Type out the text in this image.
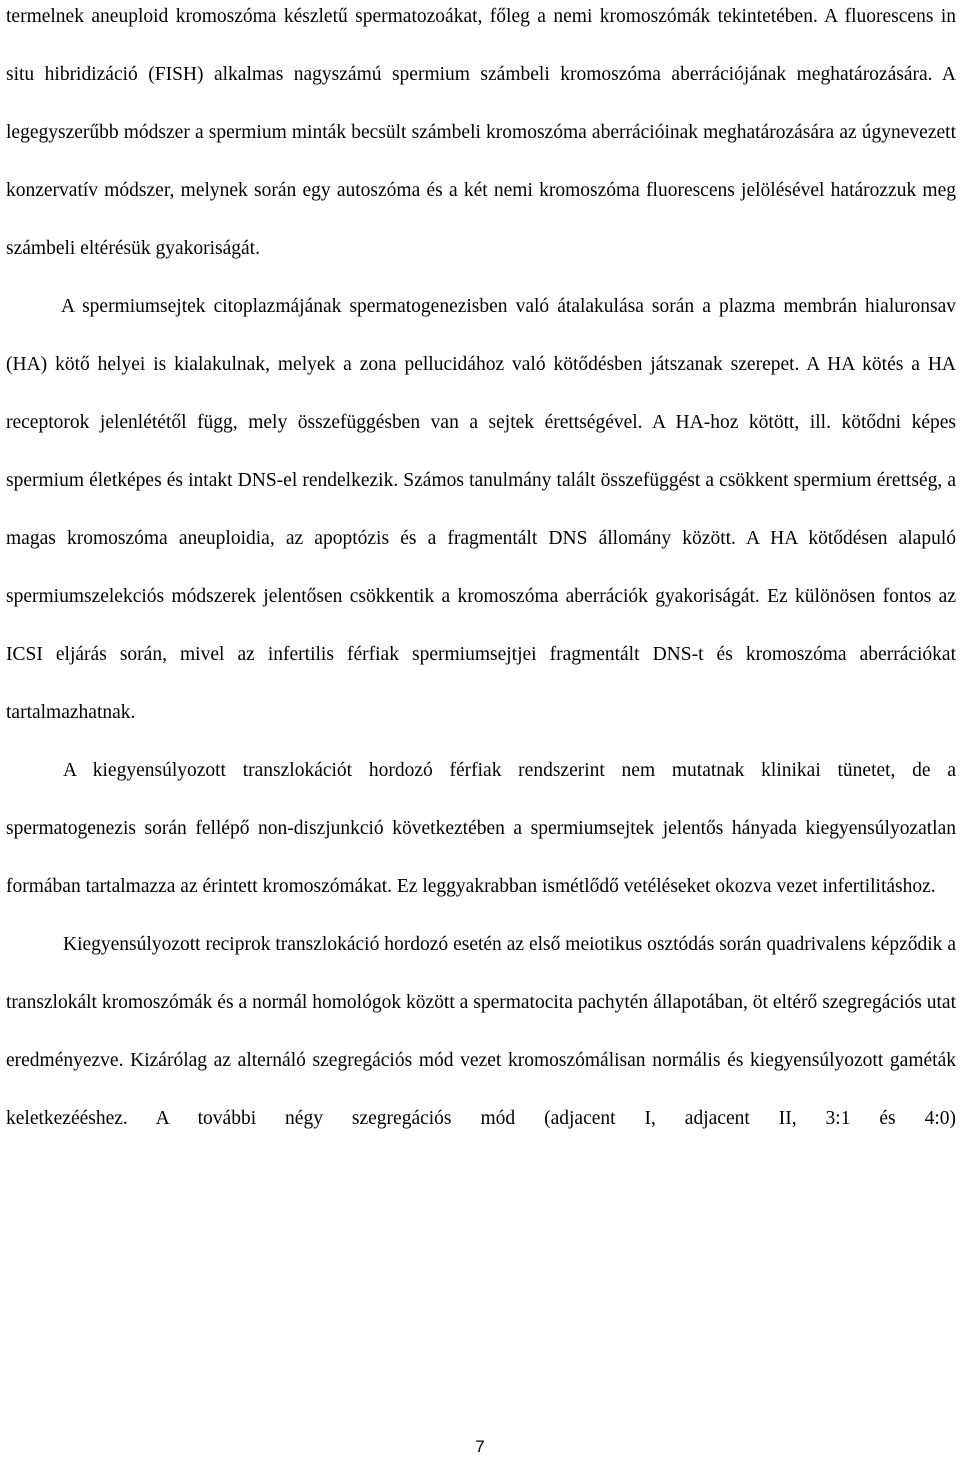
termelnek aneuploid kromoszóma készletű spermatozoákat, főleg a nemi kromoszómák tekintetében. A fluorescens in situ hibridizáció (FISH) alkalmas nagyszámú spermium számbeli kromoszóma aberrációjának meghatározására. A legegyszerűbb módszer a spermium minták becsült számbeli kromoszóma aberrációinak meghatározására az úgynevezett konzervatív módszer, melynek során egy autoszóma és a két nemi kromoszóma fluorescens jelölésével határozzuk meg számbeli eltérésük gyakoriságát.

A spermiumsejtek citoplazmájának spermatogenezisben való átalakulása során a plazma membrán hialuronsav (HA) kötő helyei is kialakulnak, melyek a zona pellucidához való kötődésben játszanak szerepet. A HA kötés a HA receptorok jelenlététől függ, mely összefüggésben van a sejtek érettségével. A HA-hoz kötött, ill. kötődni képes spermium életképes és intakt DNS-el rendelkezik. Számos tanulmány talált összefüggést a csökkent spermium érettség, a magas kromoszóma aneuploidia, az apoptózis és a fragmentált DNS állomány között. A HA kötődésen alapuló spermiumszelekciós módszerek jelentősen csökkentik a kromoszóma aberrációk gyakoriságát. Ez különösen fontos az ICSI eljárás során, mivel az infertilis férfiak spermiumsejtjei fragmentált DNS-t és kromoszóma aberrációkat tartalmazhatnak.

A kiegyensúlyozott transzlokációt hordozó férfiak rendszerint nem mutatnak klinikai tünetet, de a spermatogenezis során fellépő non-diszjunkció következtében a spermiumsejtek jelentős hányada kiegyensúlyozatlan formában tartalmazza az érintett kromoszómákat. Ez leggyakrabban ismétlődő vetéléseket okozva vezet infertilitáshoz.

Kiegyensúlyozott reciprok transzlokáció hordozó esetén az első meiotikus osztódás során quadrivalens képződik a transzlokált kromoszómák és a normál homológok között a spermatocita pachytén állapotában, öt eltérő szegregációs utat eredményezve. Kizárólag az alternáló szegregációs mód vezet kromoszómálisan normális és kiegyensúlyozott gaméták keletkezééshez. A további négy szegregációs mód (adjacent I, adjacent II, 3:1 és 4:0)

7
